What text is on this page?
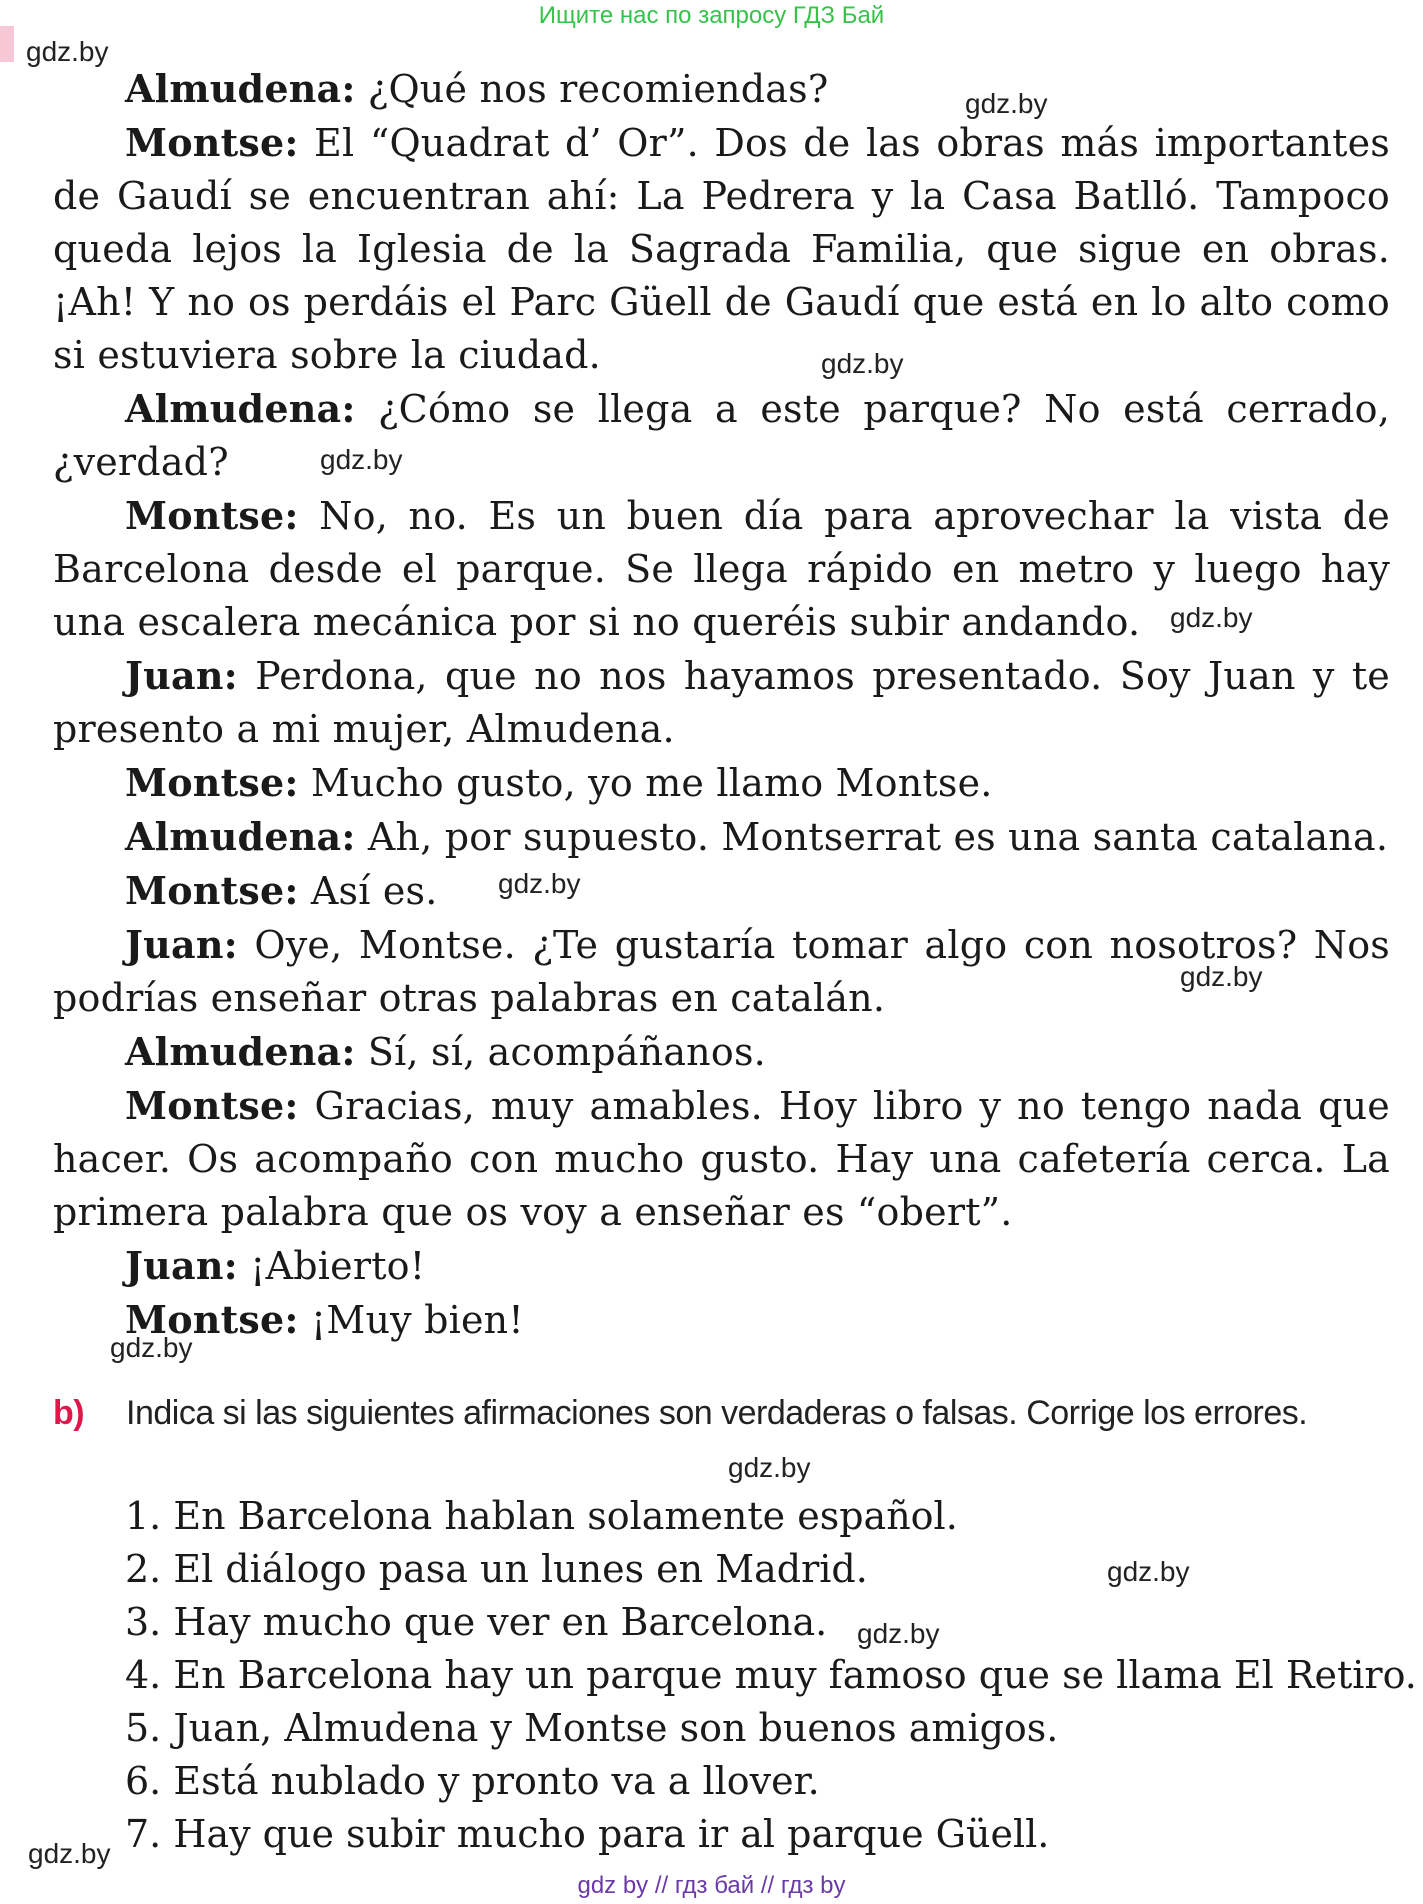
Ищите нас по запросу ГДЗ Бай
gdz.by
gdz.by
gdz.by
gdz.by
gdz.by
gdz.by
gdz.by
gdz.by
gdz.by
gdz.by
gdz.by
gdz.by

Almudena: ¿Qué nos recomiendas?

Montse: El “Quadrat d’ Or”. Dos de las obras más importantes de Gaudí se encuentran ahí: La Pedrera y la Casa Batlló. Tampoco queda lejos la Iglesia de la Sagrada Familia, que sigue en obras. ¡Ah! Y no os perdáis el Parc Güell de Gaudí que está en lo alto como si estuviera sobre la ciudad.

Almudena: ¿Cómo se llega a este parque? No está cerrado, ¿verdad?

Montse: No, no. Es un buen día para aprovechar la vista de Barcelona desde el parque. Se llega rápido en metro y luego hay una escalera mecánica por si no queréis subir andando.

Juan: Perdona, que no nos hayamos presentado. Soy Juan y te presento a mi mujer, Almudena.

Montse: Mucho gusto, yo me llamo Montse.

Almudena: Ah, por supuesto. Montserrat es una santa catalana.

Montse: Así es.

Juan: Oye, Montse. ¿Te gustaría tomar algo con nosotros? Nos podrías enseñar otras palabras en catalán.

Almudena: Sí, sí, acompáñanos.

Montse: Gracias, muy amables. Hoy libro y no tengo nada que hacer. Os acompaño con mucho gusto. Hay una cafetería cerca. La primera palabra que os voy a enseñar es “obert”.

Juan: ¡Abierto!

Montse: ¡Muy bien!

b) Indica si las siguientes afirmaciones son verdaderas o falsas. Corrige los errores.
1. En Barcelona hablan solamente español.
2. El diálogo pasa un lunes en Madrid.
3. Hay mucho que ver en Barcelona.
4. En Barcelona hay un parque muy famoso que se llama El Retiro.
5. Juan, Almudena y Montse son buenos amigos.
6. Está nublado y pronto va a llover.
7. Hay que subir mucho para ir al parque Güell.
gdz by // гдз бай // гдз by
